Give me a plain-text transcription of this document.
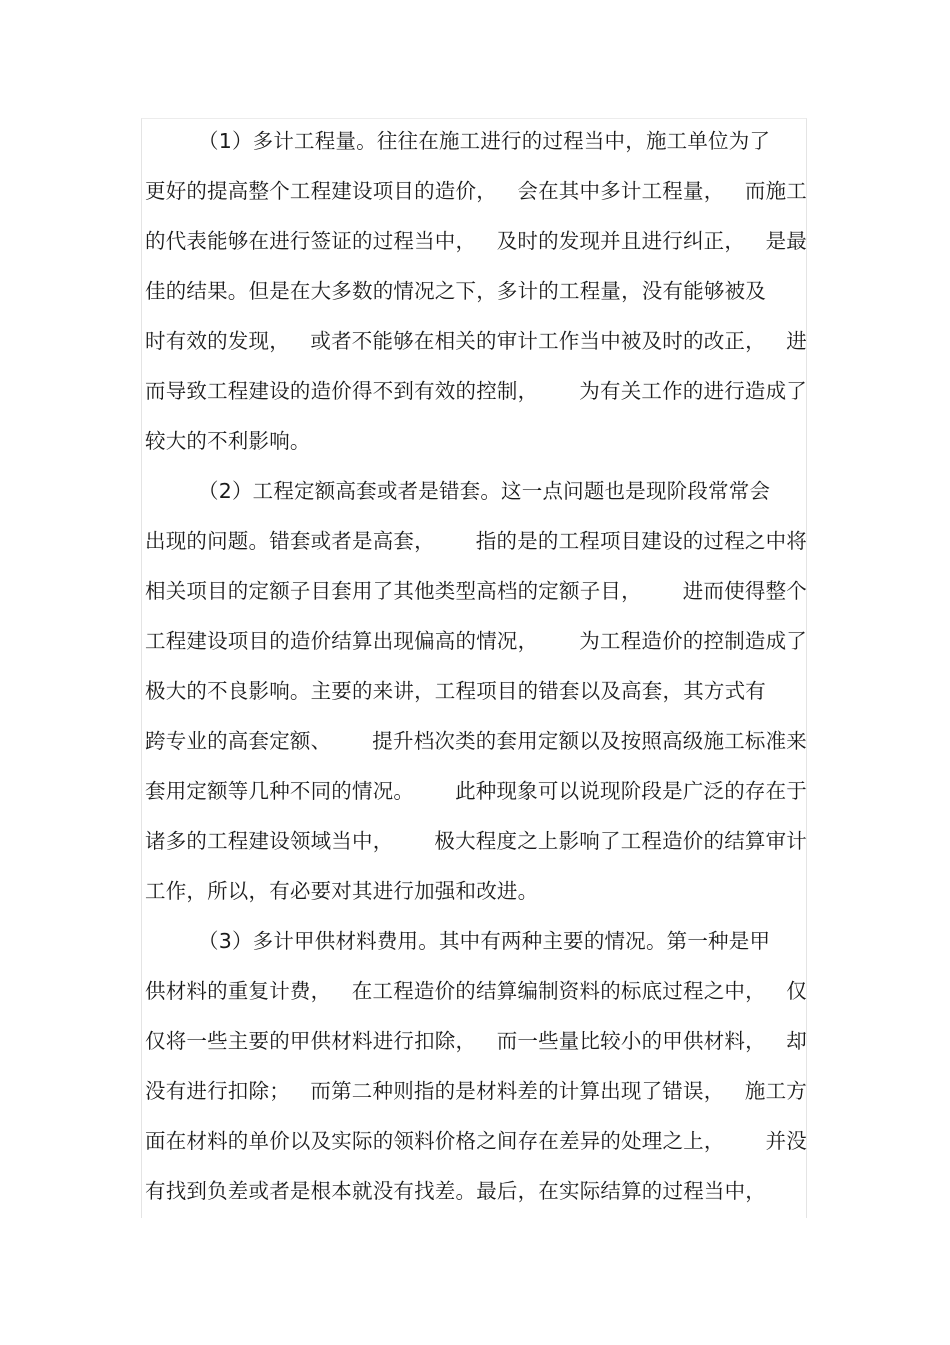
（1）多计工程量。往往在施工进行的过程当中，施工单位为了
更好的提高整个工程建设项目的造价， 会在其中多计工程量， 而施工
的代表能够在进行签证的过程当中， 及时的发现并且进行纠正， 是最
佳的结果。但是在大多数的情况之下，多计的工程量，没有能够被及
时有效的发现， 或者不能够在相关的审计工作当中被及时的改正， 进
而导致工程建设的造价得不到有效的控制， 为有关工作的进行造成了
较大的不利影响。
（2）工程定额高套或者是错套。这一点问题也是现阶段常常会
出现的问题。错套或者是高套， 指的是的工程项目建设的过程之中将
相关项目的定额子目套用了其他类型高档的定额子目， 进而使得整个
工程建设项目的造价结算出现偏高的情况， 为工程造价的控制造成了
极大的不良影响。主要的来讲，工程项目的错套以及高套，其方式有
跨专业的高套定额、 提升档次类的套用定额以及按照高级施工标准来
套用定额等几种不同的情况。 此种现象可以说现阶段是广泛的存在于
诸多的工程建设领域当中， 极大程度之上影响了工程造价的结算审计
工作，所以，有必要对其进行加强和改进。
（3）多计甲供材料费用。其中有两种主要的情况。第一种是甲
供材料的重复计费， 在工程造价的结算编制资料的标底过程之中， 仅
仅将一些主要的甲供材料进行扣除， 而一些量比较小的甲供材料， 却
没有进行扣除； 而第二种则指的是材料差的计算出现了错误， 施工方
面在材料的单价以及实际的领料价格之间存在差异的处理之上， 并没
有找到负差或者是根本就没有找差。最后，在实际结算的过程当中，
